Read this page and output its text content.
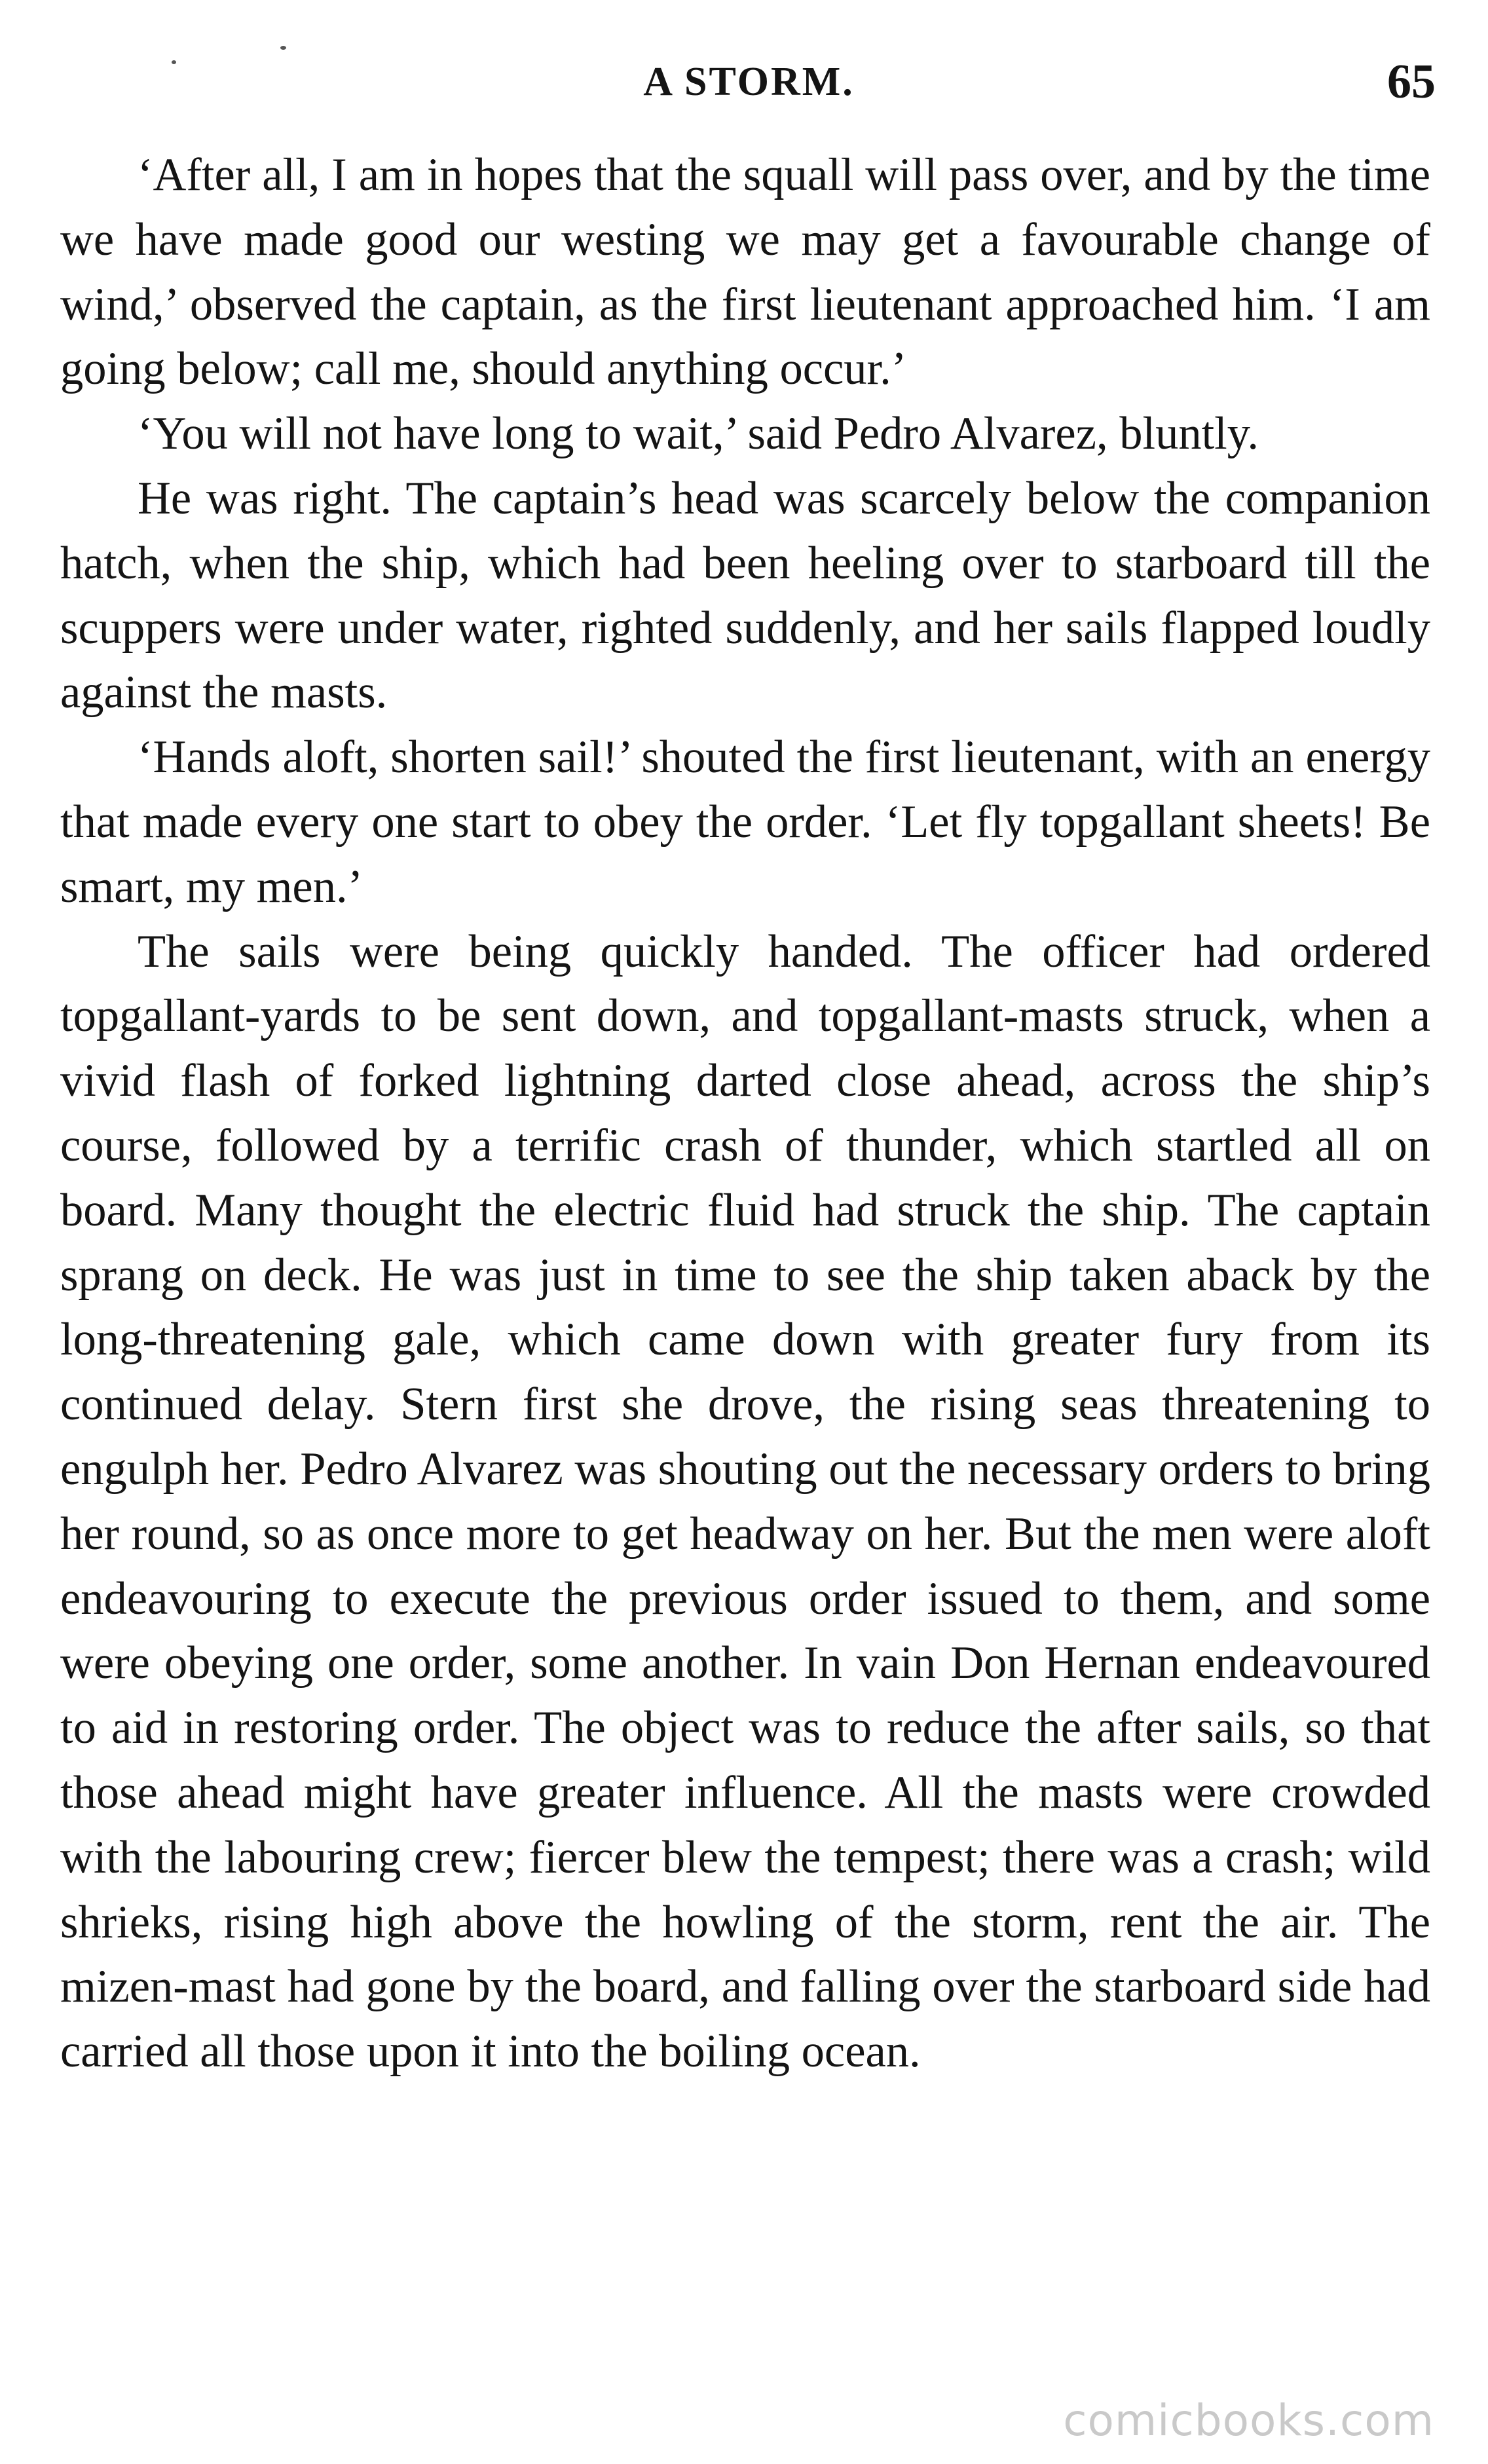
A STORM.	65

‘After all, I am in hopes that the squall will pass over, and by the time we have made good our westing we may get a favourable change of wind,’ observed the captain, as the first lieutenant approached him. ‘I am going below; call me, should anything occur.’

‘You will not have long to wait,’ said Pedro Alvarez, bluntly.

He was right. The captain’s head was scarcely below the companion hatch, when the ship, which had been heeling over to starboard till the scuppers were under water, righted suddenly, and her sails flapped loudly against the masts.

‘Hands aloft, shorten sail!’ shouted the first lieutenant, with an energy that made every one start to obey the order. ‘Let fly topgallant sheets! Be smart, my men.’

The sails were being quickly handed. The officer had ordered topgallant-yards to be sent down, and topgallant-masts struck, when a vivid flash of forked lightning darted close ahead, across the ship’s course, followed by a terrific crash of thunder, which startled all on board. Many thought the electric fluid had struck the ship. The captain sprang on deck. He was just in time to see the ship taken aback by the long-threatening gale, which came down with greater fury from its continued delay. Stern first she drove, the rising seas threatening to engulph her. Pedro Alvarez was shouting out the necessary orders to bring her round, so as once more to get headway on her. But the men were aloft endeavouring to execute the previous order issued to them, and some were obeying one order, some another. In vain Don Hernan endeavoured to aid in restoring order. The object was to reduce the after sails, so that those ahead might have greater influence. All the masts were crowded with the labouring crew; fiercer blew the tempest; there was a crash; wild shrieks, rising high above the howling of the storm, rent the air. The mizen-mast had gone by the board, and falling over the starboard side had carried all those upon it into the boiling ocean.

comicbooks.com
